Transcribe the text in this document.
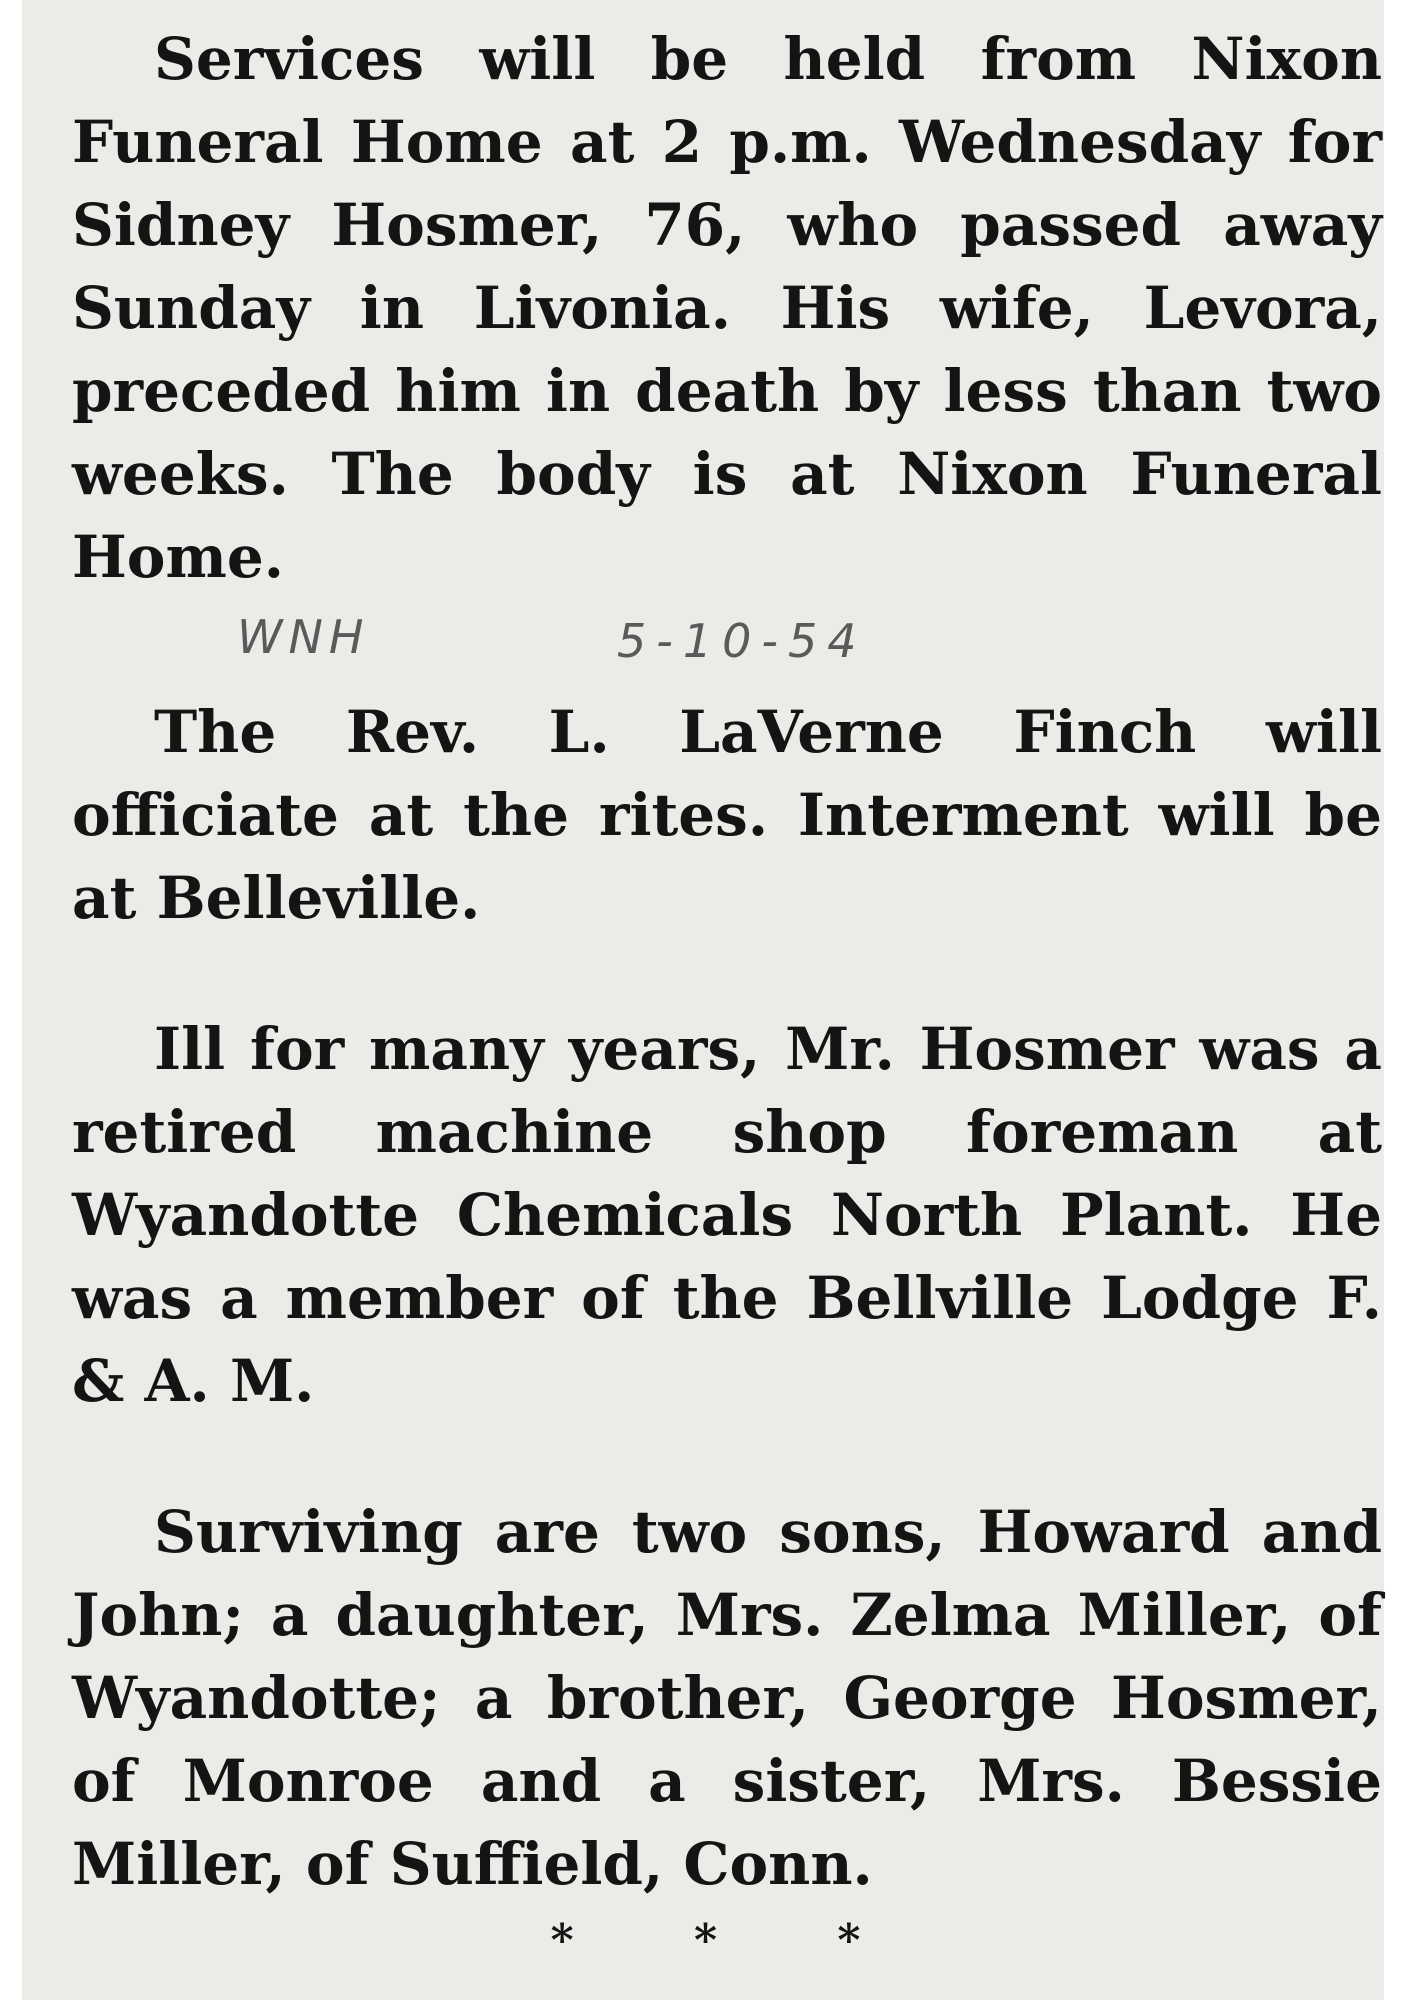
Services will be held from Nixon Funeral Home at 2 p.m. Wednesday for Sidney Hosmer, 76, who passed away Sunday in Livonia. His wife, Levora, preceded him in death by less than two weeks. The body is at Nixon Funeral Home.

WNH	5-10-54

The Rev. L. LaVerne Finch will officiate at the rites. Interment will be at Belleville.

Ill for many years, Mr. Hosmer was a retired machine shop foreman at Wyandotte Chemicals North Plant. He was a member of the Bellville Lodge F. & A. M.

Surviving are two sons, Howard and John; a daughter, Mrs. Zelma Miller, of Wyandotte; a brother, George Hosmer, of Monroe and a sister, Mrs. Bessie Miller, of Suffield, Conn.

* * *
